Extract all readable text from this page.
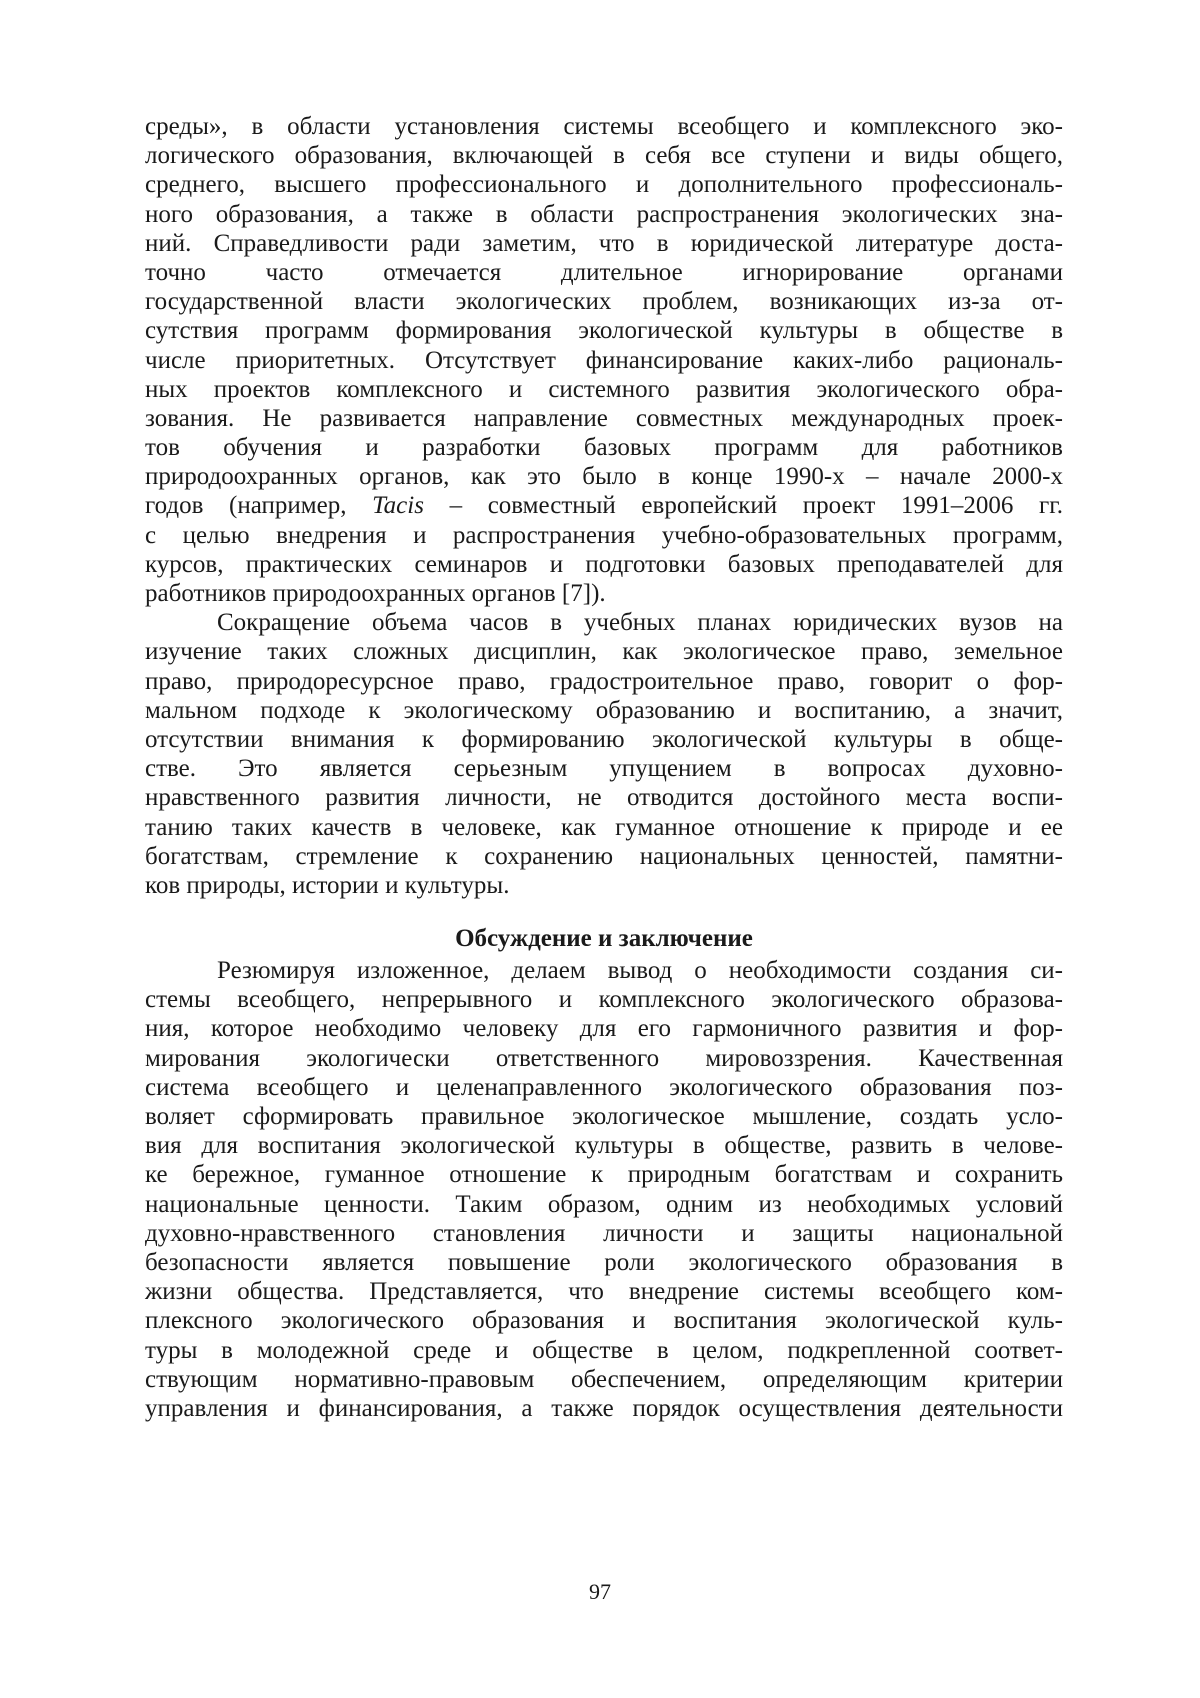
среды», в области установления системы всеобщего и комплексного эко-
логического образования, включающей в себя все ступени и виды общего,
среднего, высшего профессионального и дополнительного профессиональ-
ного образования, а также в области распространения экологических зна-
ний. Справедливости ради заметим, что в юридической литературе доста-
точно часто отмечается длительное игнорирование органами
государственной власти экологических проблем, возникающих из-за от-
сутствия программ формирования экологической культуры в обществе в
числе приоритетных. Отсутствует финансирование каких-либо рациональ-
ных проектов комплексного и системного развития экологического обра-
зования. Не развивается направление совместных международных проек-
тов обучения и разработки базовых программ для работников
природоохранных органов, как это было в конце 1990-х – начале 2000-х
годов (например, Tacis – совместный европейский проект 1991–2006 гг.
с целью внедрения и распространения учебно-образовательных программ,
курсов, практических семинаров и подготовки базовых преподавателей для
работников природоохранных органов [7]).
Сокращение объема часов в учебных планах юридических вузов на
изучение таких сложных дисциплин, как экологическое право, земельное
право, природоресурсное право, градостроительное право, говорит о фор-
мальном подходе к экологическому образованию и воспитанию, а значит,
отсутствии внимания к формированию экологической культуры в обще-
стве. Это является серьезным упущением в вопросах духовно-
нравственного развития личности, не отводится достойного места воспи-
танию таких качеств в человеке, как гуманное отношение к природе и ее
богатствам, стремление к сохранению национальных ценностей, памятни-
ков природы, истории и культуры.
Обсуждение и заключение
Резюмируя изложенное, делаем вывод о необходимости создания си-
стемы всеобщего, непрерывного и комплексного экологического образова-
ния, которое необходимо человеку для его гармоничного развития и фор-
мирования экологически ответственного мировоззрения. Качественная
система всеобщего и целенаправленного экологического образования поз-
воляет сформировать правильное экологическое мышление, создать усло-
вия для воспитания экологической культуры в обществе, развить в челове-
ке бережное, гуманное отношение к природным богатствам и сохранить
национальные ценности. Таким образом, одним из необходимых условий
духовно-нравственного становления личности и защиты национальной
безопасности является повышение роли экологического образования в
жизни общества. Представляется, что внедрение системы всеобщего ком-
плексного экологического образования и воспитания экологической куль-
туры в молодежной среде и обществе в целом, подкрепленной соответ-
ствующим нормативно-правовым обеспечением, определяющим критерии
управления и финансирования, а также порядок осуществления деятельности
97
